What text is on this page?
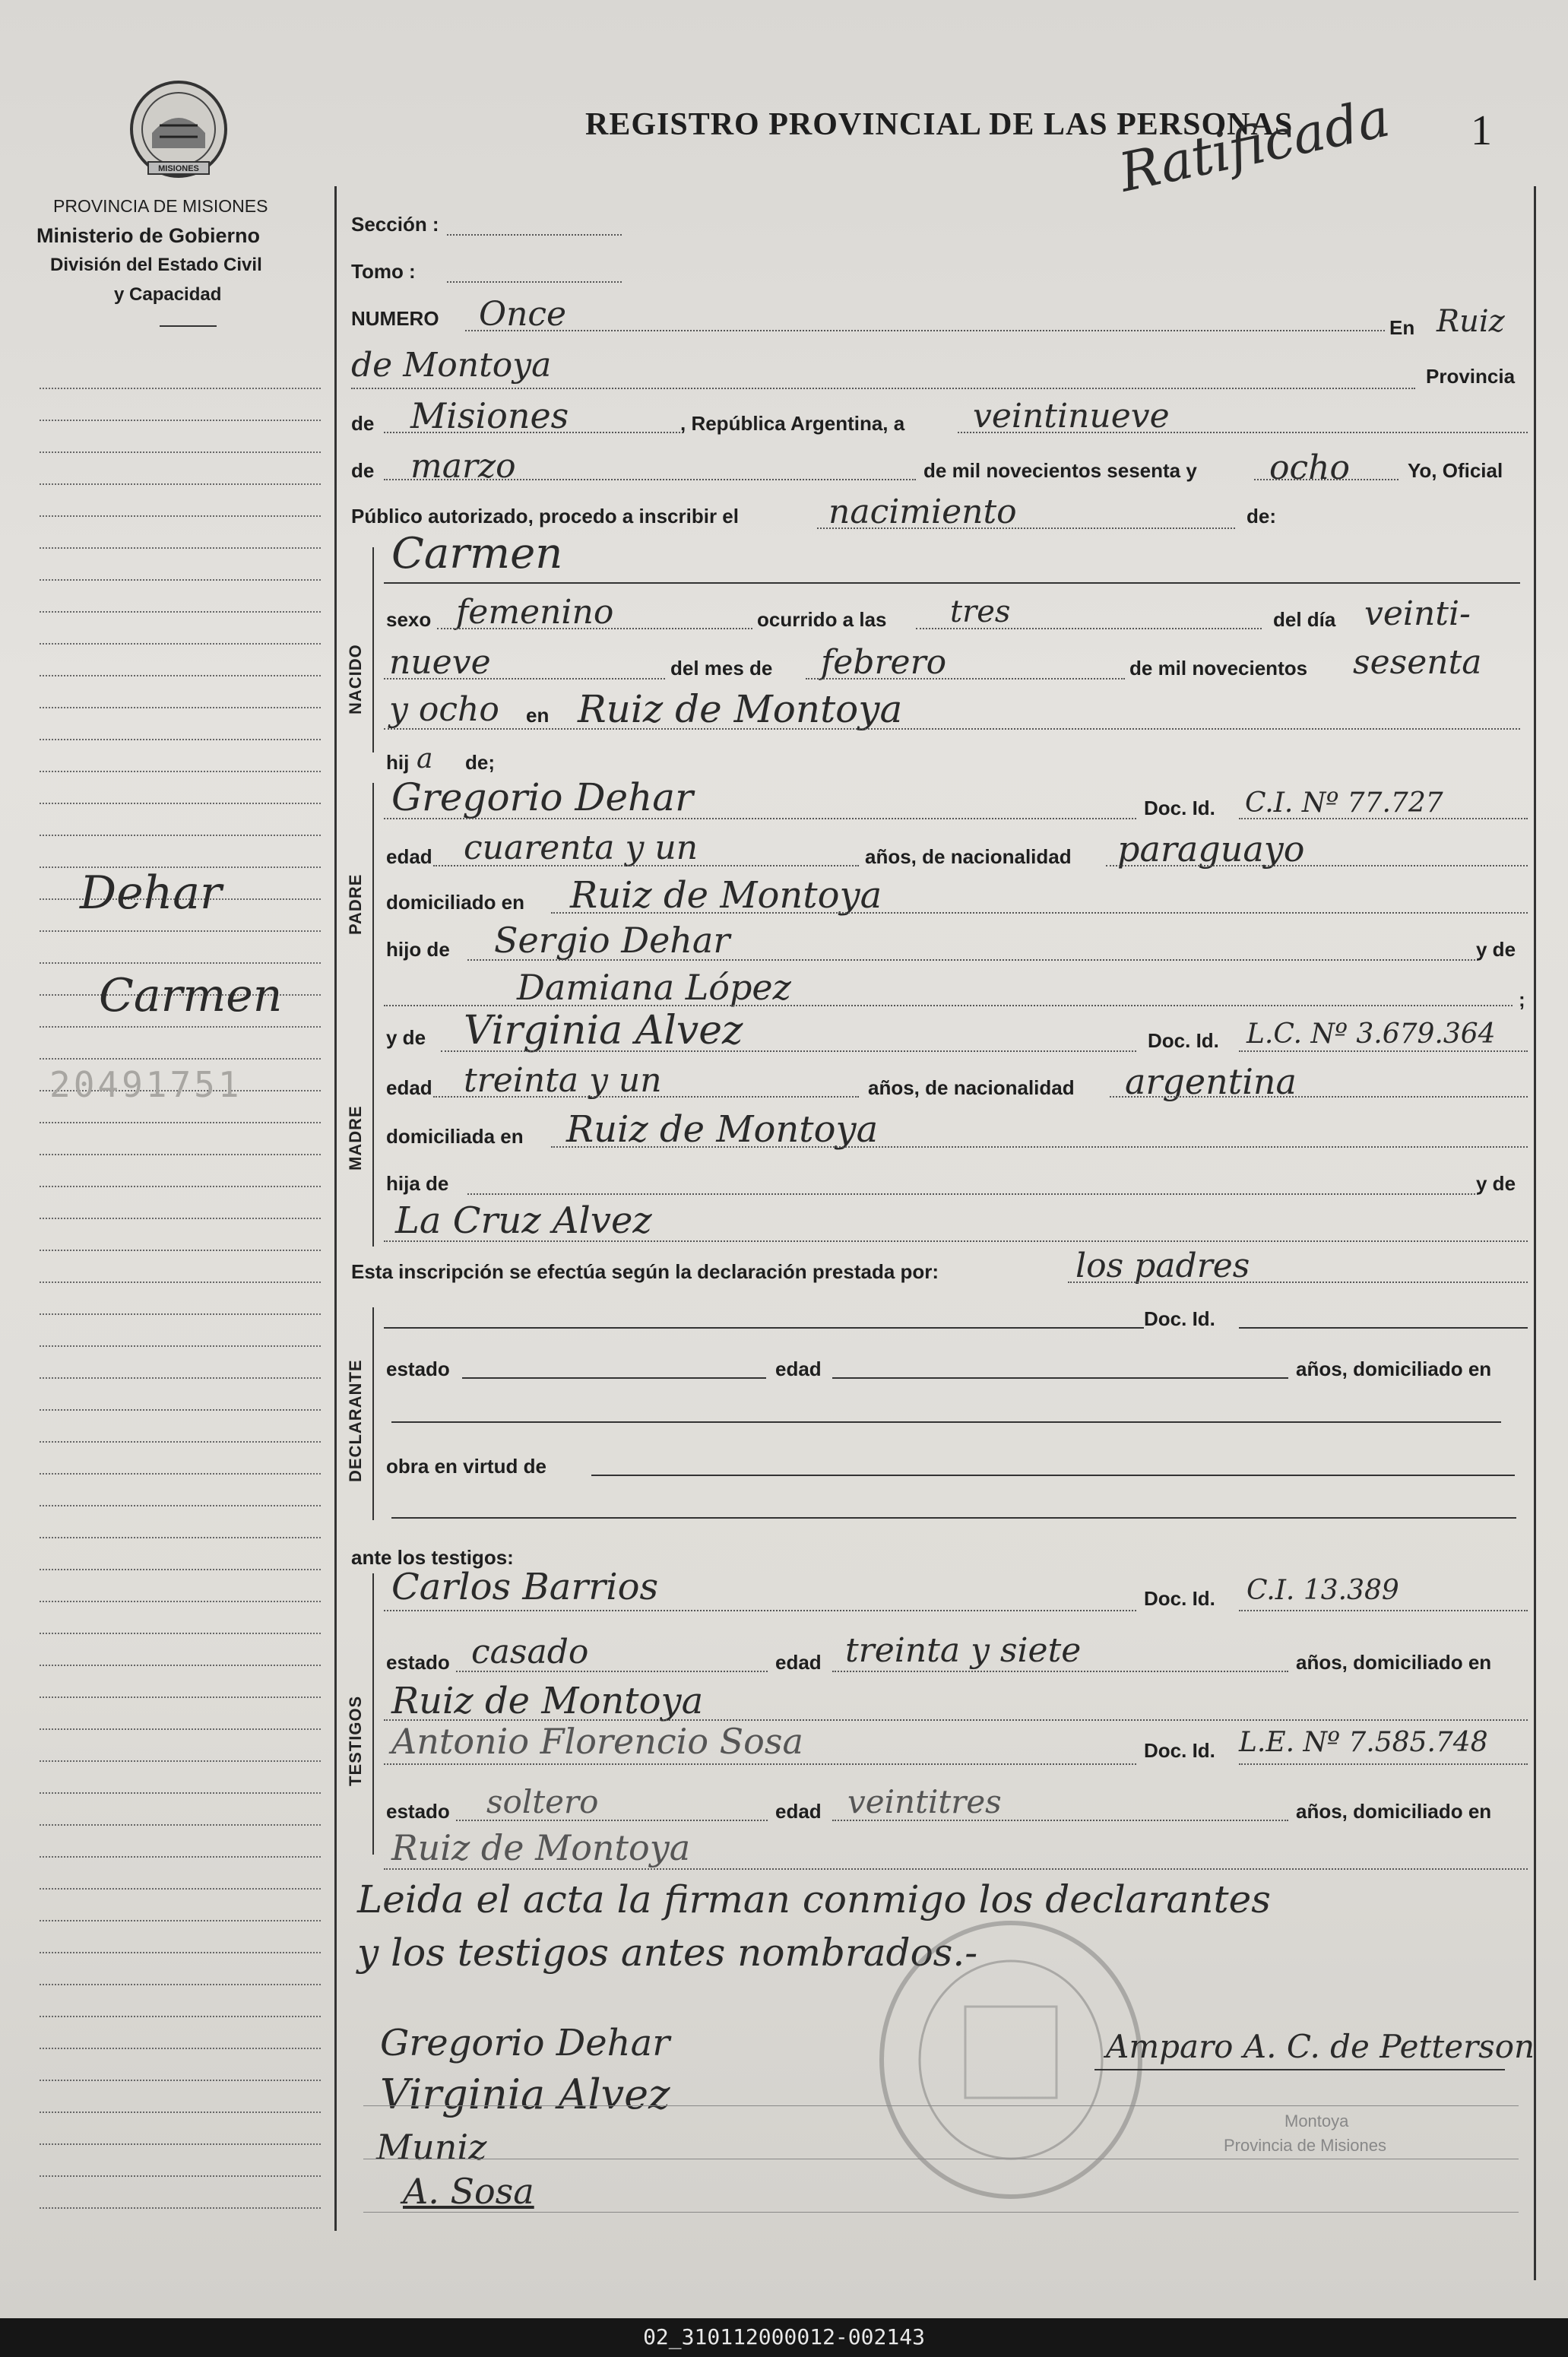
MISIONES
PROVINCIA DE MISIONES
Ministerio de Gobierno
División del Estado Civil
y Capacidad
REGISTRO PROVINCIAL DE LAS PERSONAS
Ratificada 1
Dehar
Carmen
20491751
Sección :
Tomo :
NUMERO Once	En Ruiz
de Montoya	Provincia
de Misiones	, República Argentina, a veintinueve
de marzo	de mil novecientos sesenta y ocho	Yo, Oficial
Público autorizado, procedo a inscribir el	nacimiento	de:
NACIDO
Carmen
sexo femenino	ocurrido a las tres	del día veinti-
nueve	del mes de febrero	de mil novecientos sesenta
y ocho en Ruiz de Montoya
hij a de;
PADRE
Gregorio Dehar	Doc. Id. C.I. Nº 77.727
edad cuarenta y un	años, de nacionalidad paraguayo
domiciliado en Ruiz de Montoya
hijo de Sergio Dehar	y de
Damiana López	;
MADRE
y de Virginia Alvez	Doc. Id. L.C. Nº 3.679.364
edad treinta y un	años, de nacionalidad argentina
domiciliada en Ruiz de Montoya
hija de	y de
La Cruz Alvez
Esta inscripción se efectúa según la declaración prestada por:	los padres
DECLARANTE
Doc. Id.
estado	edad	años, domiciliado en
obra en virtud de
ante los testigos:
TESTIGOS
Carlos Barrios	Doc. Id. C.I. 13.389
estado casado	edad treinta y siete	años, domiciliado en
Ruiz de Montoya
Antonio Florencio Sosa	Doc. Id. L.E. Nº 7.585.748
estado soltero	edad veintitres	años, domiciliado en
Ruiz de Montoya
Leida el acta la firman conmigo los declarantes
y los testigos antes nombrados.-
Gregorio Dehar
Virginia Alvez
Muniz
A. Sosa
Amparo A. C. de Petterson
Montoya
Provincia de Misiones
02_310112000012-002143
